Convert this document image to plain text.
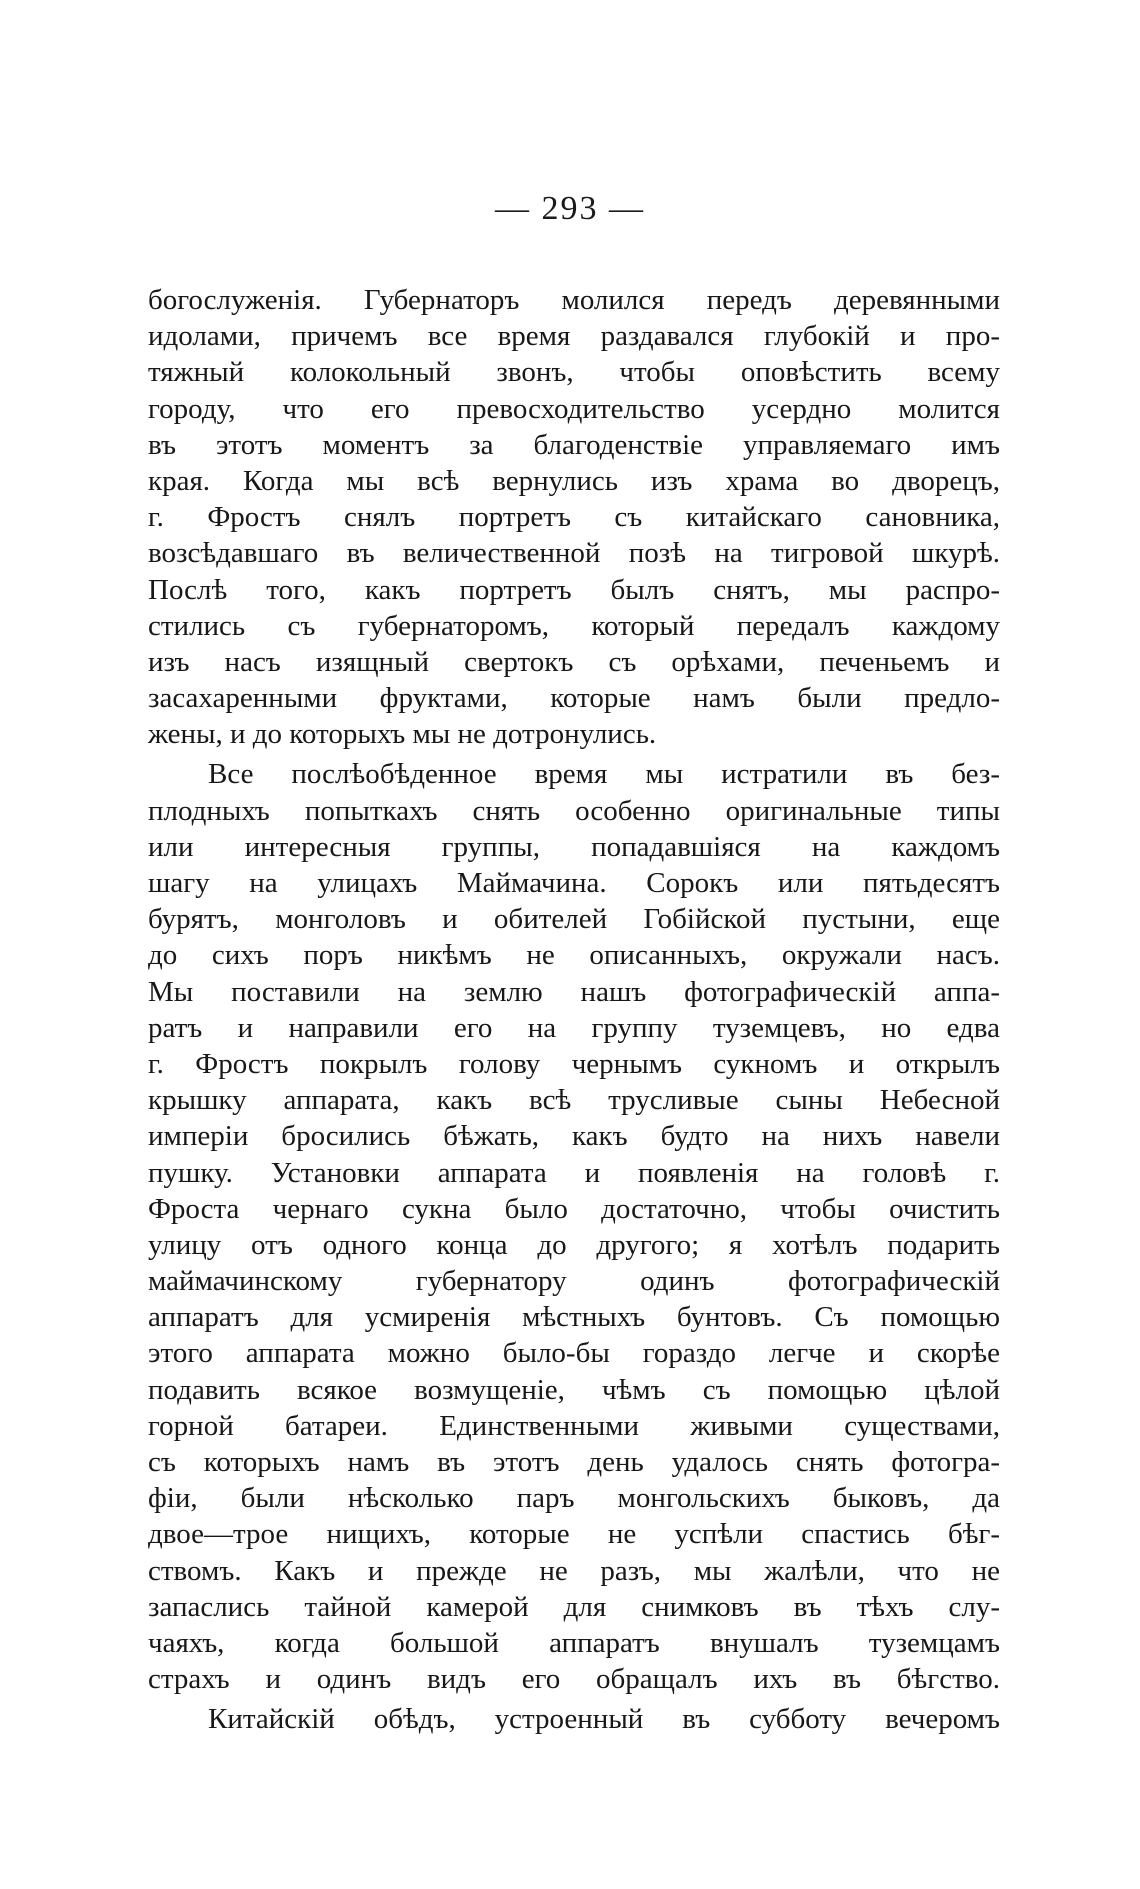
— 293 —
богослуженія. Губернаторъ молился передъ деревянными
идолами, причемъ все время раздавался глубокій и про-
тяжный колокольный звонъ, чтобы оповѣстить всему
городу, что его превосходительство усердно молится
въ этотъ моментъ за благоденствіе управляемаго имъ
края. Когда мы всѣ вернулись изъ храма во дворецъ,
г. Фростъ снялъ портретъ съ китайскаго сановника,
возсѣдавшаго въ величественной позѣ на тигровой шкурѣ.
Послѣ того, какъ портретъ былъ снятъ, мы распро-
стились съ губернаторомъ, который передалъ каждому
изъ насъ изящный свертокъ съ орѣхами, печеньемъ и
засахаренными фруктами, которые намъ были предло-
жены, и до которыхъ мы не дотронулись.
Все послѣобѣденное время мы истратили въ без-
плодныхъ попыткахъ снять особенно оригинальные типы
или интересныя группы, попадавшіяся на каждомъ
шагу на улицахъ Маймачина. Сорокъ или пятьдесятъ
бурятъ, монголовъ и обителей Гобійской пустыни, еще
до сихъ поръ никѣмъ не описанныхъ, окружали насъ.
Мы поставили на землю нашъ фотографическій аппа-
ратъ и направили его на группу туземцевъ, но едва
г. Фростъ покрылъ голову чернымъ сукномъ и открылъ
крышку аппарата, какъ всѣ трусливые сыны Небесной
имперіи бросились бѣжать, какъ будто на нихъ навели
пушку. Установки аппарата и появленія на головѣ г.
Фроста чернаго сукна было достаточно, чтобы очистить
улицу отъ одного конца до другого; я хотѣлъ подарить
маймачинскому губернатору одинъ фотографическій
аппаратъ для усмиренія мѣстныхъ бунтовъ. Съ помощью
этого аппарата можно было-бы гораздо легче и скорѣе
подавить всякое возмущеніе, чѣмъ съ помощью цѣлой
горной батареи. Единственными живыми существами,
съ которыхъ намъ въ этотъ день удалось снять фотогра-
фіи, были нѣсколько паръ монгольскихъ быковъ, да
двое—трое нищихъ, которые не успѣли спастись бѣг-
ствомъ. Какъ и прежде не разъ, мы жалѣли, что не
запаслись тайной камерой для снимковъ въ тѣхъ слу-
чаяхъ, когда большой аппаратъ внушалъ туземцамъ
страхъ и одинъ видъ его обращалъ ихъ въ бѣгство.
Китайскій обѣдъ, устроенный въ субботу вечеромъ
